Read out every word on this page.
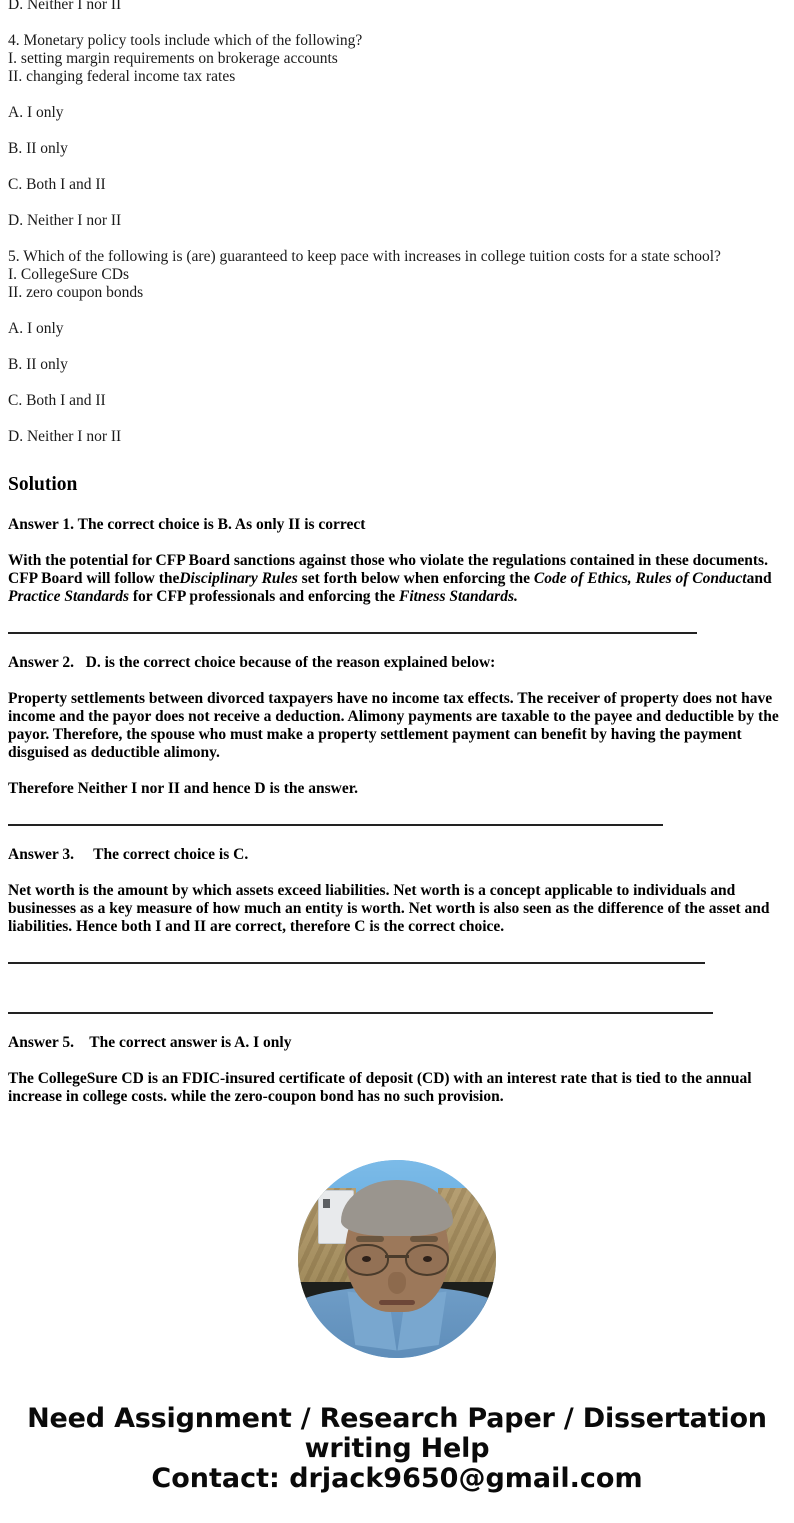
D. Neither I nor II

4. Monetary policy tools include which of the following?

I. setting margin requirements on brokerage accounts

II. changing federal income tax rates

A. I only

B. II only

C. Both I and II

D. Neither I nor II

5. Which of the following is (are) guaranteed to keep pace with increases in college tuition costs for a state school?

I. CollegeSure CDs

II. zero coupon bonds

A. I only

B. II only

C. Both I and II

D. Neither I nor II

Solution

Answer 1. The correct choice is B. As only II is correct

With the potential for CFP Board sanctions against those who violate the regulations contained in these documents. CFP Board will follow theDisciplinary Rules set forth below when enforcing the Code of Ethics, Rules of Conductand Practice Standards for CFP professionals and enforcing the Fitness Standards.

Answer 2.   D. is the correct choice because of the reason explained below:

Property settlements between divorced taxpayers have no income tax effects. The receiver of property does not have income and the payor does not receive a deduction. Alimony payments are taxable to the payee and deductible by the payor. Therefore, the spouse who must make a property settlement payment can benefit by having the payment disguised as deductible alimony.

Therefore Neither I nor II and hence D is the answer.

Answer 3.     The correct choice is C.

Net worth is the amount by which assets exceed liabilities. Net worth is a concept applicable to individuals and businesses as a key measure of how much an entity is worth. Net worth is also seen as the difference of the asset and liabilities. Hence both I and II are correct, therefore C is the correct choice.

Answer 5.    The correct answer is A. I only

The CollegeSure CD is an FDIC-insured certificate of deposit (CD) with an interest rate that is tied to the annual increase in college costs. while the zero-coupon bond has no such provision.

Need Assignment / Research Paper / Dissertation writing Help
Contact: drjack9650@gmail.com
